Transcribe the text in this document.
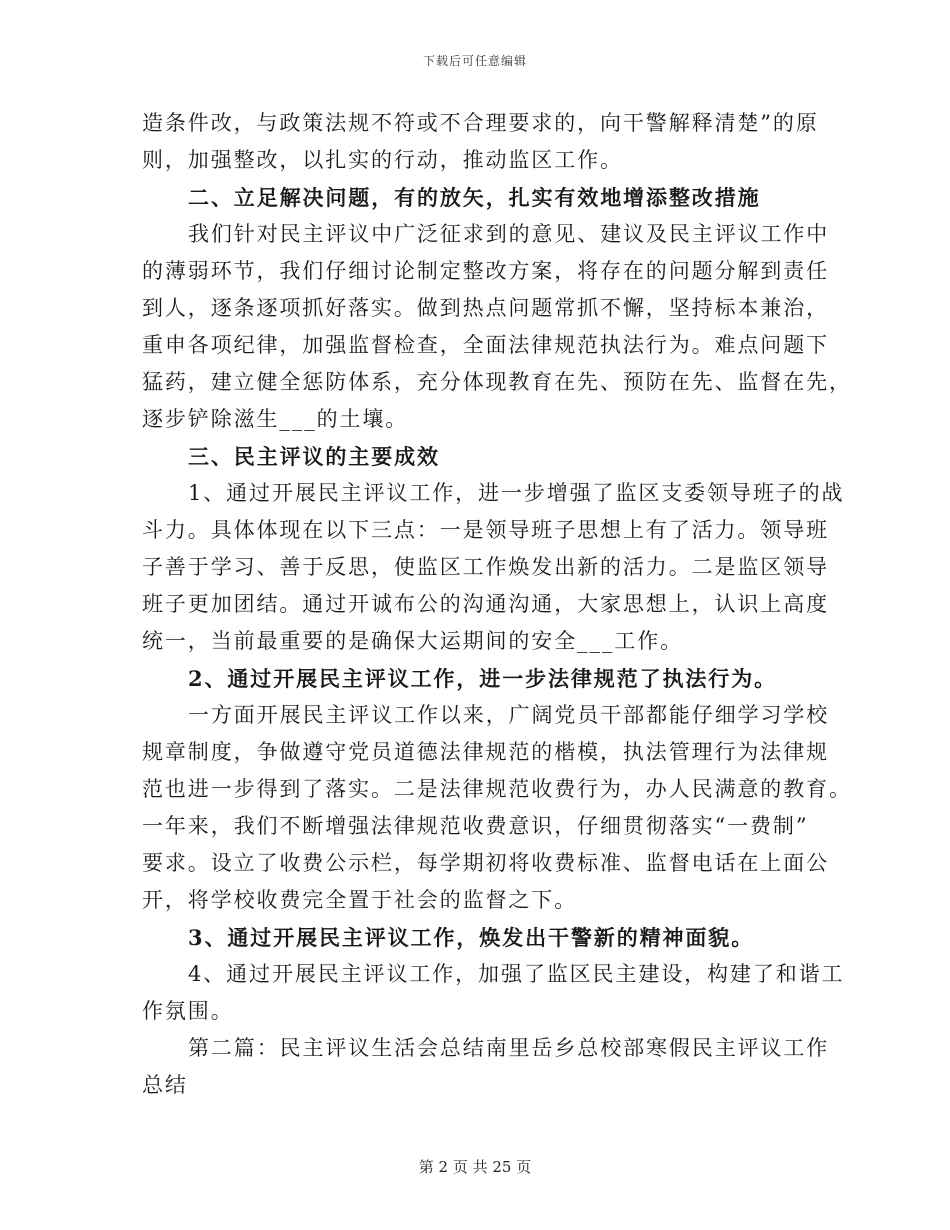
下载后可任意编辑
造条件改，与政策法规不符或不合理要求的，向干警解释清楚”的原
则，加强整改，以扎实的行动，推动监区工作。
二、立足解决问题，有的放矢，扎实有效地增添整改措施
我们针对民主评议中广泛征求到的意见、建议及民主评议工作中
的薄弱环节，我们仔细讨论制定整改方案，将存在的问题分解到责任
到人，逐条逐项抓好落实。做到热点问题常抓不懈，坚持标本兼治，
重申各项纪律，加强监督检查，全面法律规范执法行为。难点问题下
猛药，建立健全惩防体系，充分体现教育在先、预防在先、监督在先，
逐步铲除滋生___的土壤。
三、民主评议的主要成效
1、通过开展民主评议工作，进一步增强了监区支委领导班子的战
斗力。具体体现在以下三点：一是领导班子思想上有了活力。领导班
子善于学习、善于反思，使监区工作焕发出新的活力。二是监区领导
班子更加团结。通过开诚布公的沟通沟通，大家思想上，认识上高度
统一，当前最重要的是确保大运期间的安全___工作。
2、通过开展民主评议工作，进一步法律规范了执法行为。
一方面开展民主评议工作以来，广阔党员干部都能仔细学习学校
规章制度，争做遵守党员道德法律规范的楷模，执法管理行为法律规
范也进一步得到了落实。二是法律规范收费行为，办人民满意的教育。
一年来，我们不断增强法律规范收费意识，仔细贯彻落实“一费制”
要求。设立了收费公示栏，每学期初将收费标准、监督电话在上面公
开，将学校收费完全置于社会的监督之下。
3、通过开展民主评议工作，焕发出干警新的精神面貌。
4、通过开展民主评议工作，加强了监区民主建设，构建了和谐工
作氛围。
第二篇：民主评议生活会总结南里岳乡总校部寒假民主评议工作
总结
第 2 页 共 25 页
